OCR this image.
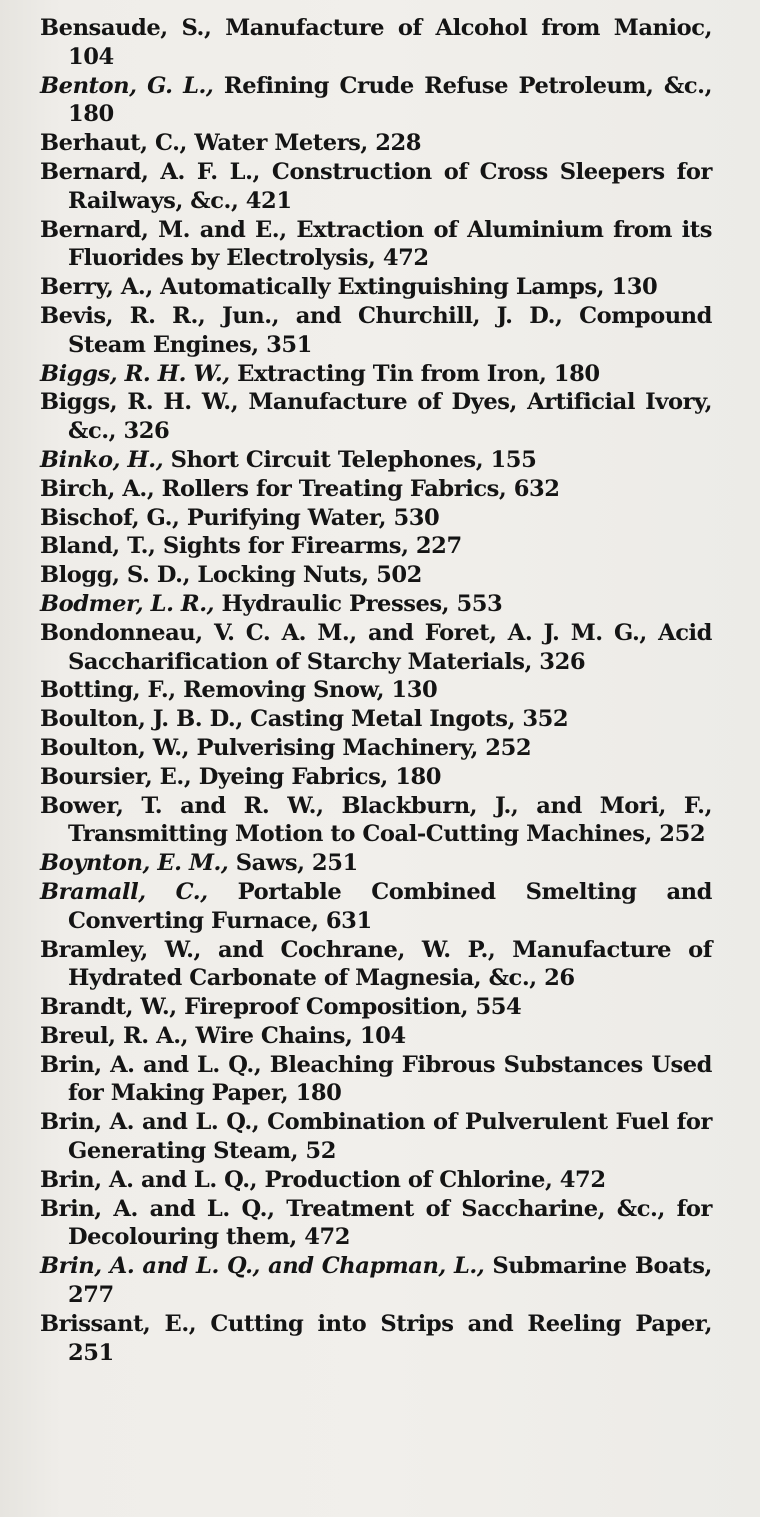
Bensaude, S., Manufacture of Alcohol from Manioc, 104
Benton, G. L., Refining Crude Refuse Petroleum, &c., 180
Berhaut, C., Water Meters, 228
Bernard, A. F. L., Construction of Cross Sleepers for Railways, &c., 421
Bernard, M. and E., Extraction of Aluminium from its Fluorides by Electrolysis, 472
Berry, A., Automatically Extinguishing Lamps, 130
Bevis, R. R., Jun., and Churchill, J. D., Compound Steam Engines, 351
Biggs, R. H. W., Extracting Tin from Iron, 180
Biggs, R. H. W., Manufacture of Dyes, Artificial Ivory, &c., 326
Binko, H., Short Circuit Telephones, 155
Birch, A., Rollers for Treating Fabrics, 632
Bischof, G., Purifying Water, 530
Bland, T., Sights for Firearms, 227
Blogg, S. D., Locking Nuts, 502
Bodmer, L. R., Hydraulic Presses, 553
Bondonneau, V. C. A. M., and Foret, A. J. M. G., Acid Saccharification of Starchy Materials, 326
Botting, F., Removing Snow, 130
Boulton, J. B. D., Casting Metal Ingots, 352
Boulton, W., Pulverising Machinery, 252
Boursier, E., Dyeing Fabrics, 180
Bower, T. and R. W., Blackburn, J., and Mori, F., Transmitting Motion to Coal-Cutting Machines, 252
Boynton, E. M., Saws, 251
Bramall, C., Portable Combined Smelting and Converting Furnace, 631
Bramley, W., and Cochrane, W. P., Manufacture of Hydrated Carbonate of Magnesia, &c., 26
Brandt, W., Fireproof Composition, 554
Breul, R. A., Wire Chains, 104
Brin, A. and L. Q., Bleaching Fibrous Substances Used for Making Paper, 180
Brin, A. and L. Q., Combination of Pulverulent Fuel for Generating Steam, 52
Brin, A. and L. Q., Production of Chlorine, 472
Brin, A. and L. Q., Treatment of Saccharine, &c., for Decolouring them, 472
Brin, A. and L. Q., and Chapman, L., Submarine Boats, 277
Brissant, E., Cutting into Strips and Reeling Paper, 251
